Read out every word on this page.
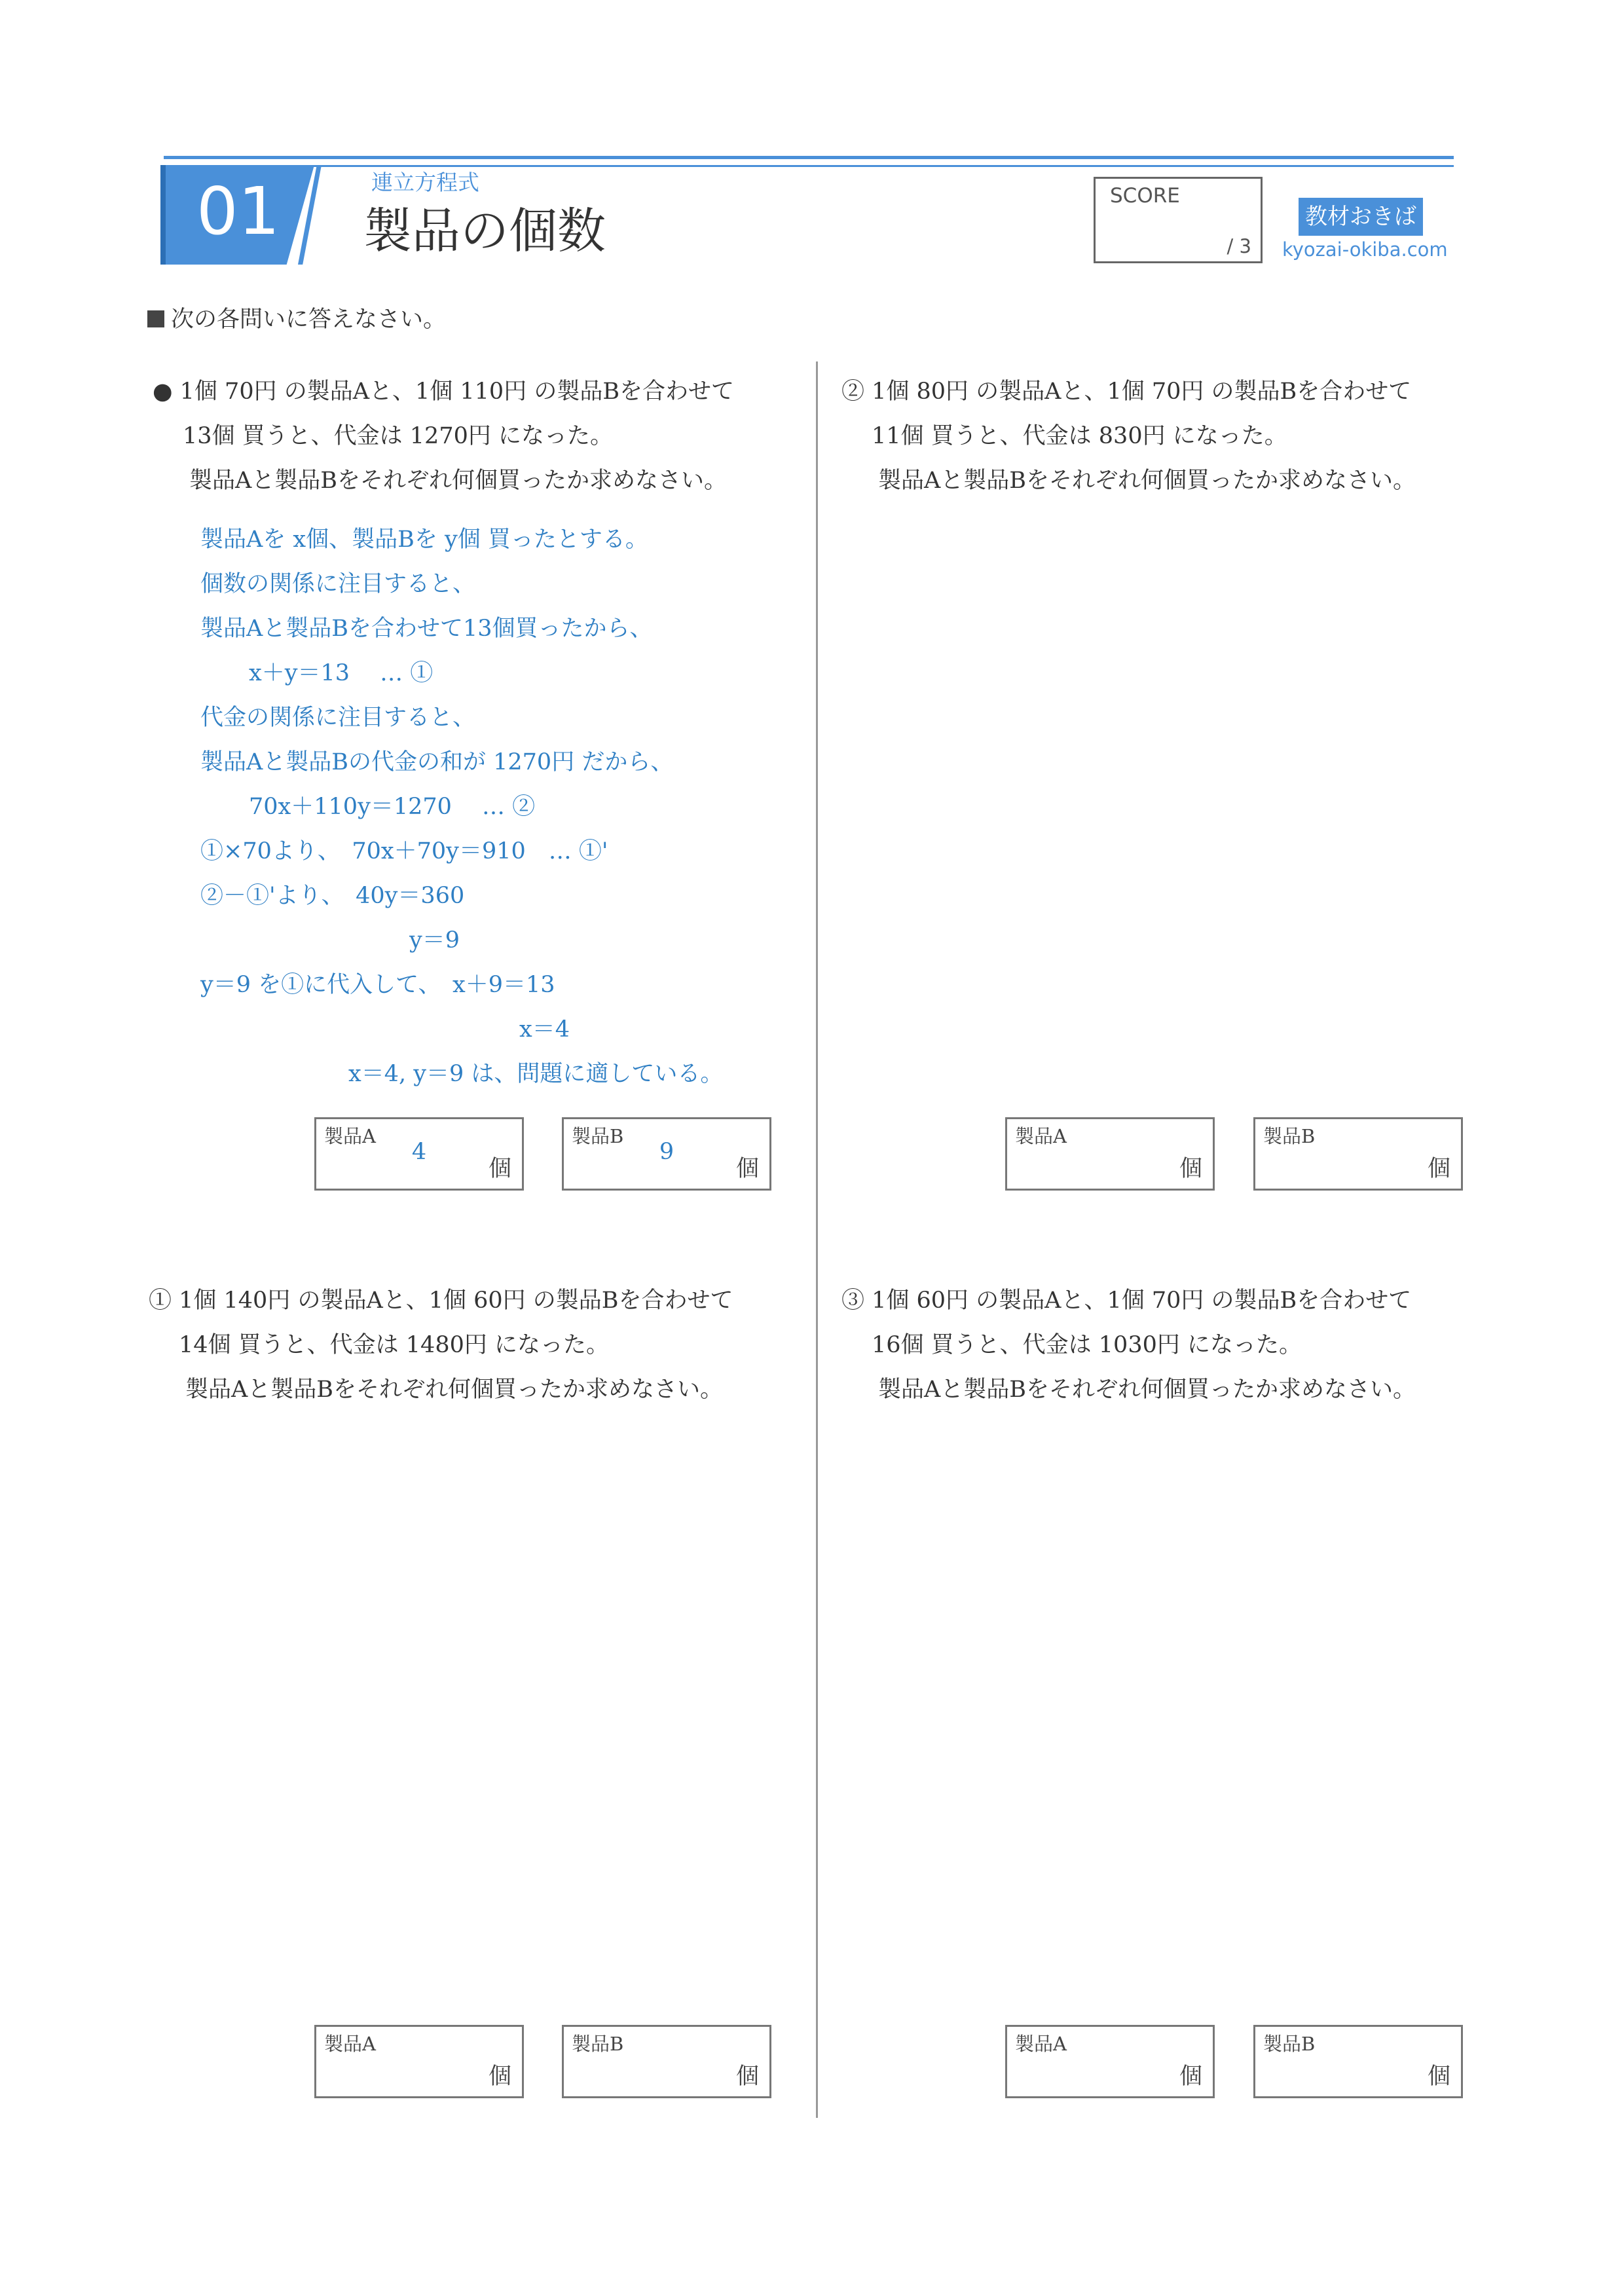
01	連立方程式
製品の個数
SCORE
/ 3
教材おきば
kyozai-okiba.com
次の各問いに答えなさい。
● 1個 70円 の製品Aと、1個 110円 の製品Bを合わせて
13個 買うと、代金は 1270円 になった。
製品Aと製品Bをそれぞれ何個買ったか求めなさい。
製品Aを x個、製品Bを y個 買ったとする。
個数の関係に注目すると、
製品Aと製品Bを合わせて13個買ったから、
x＋y＝13　 … ①
代金の関係に注目すると、
製品Aと製品Bの代金の和が 1270円 だから、
70x＋110y＝1270　 … ②
①×70より、　70x＋70y＝910　… ①'
②－①'より、　40y＝360
y＝9
y＝9 を①に代入して、　x＋9＝13
x＝4
x＝4, y＝9 は、問題に適している。
製品A
4
個
製品B
9
個
② 1個 80円 の製品Aと、1個 70円 の製品Bを合わせて
11個 買うと、代金は 830円 になった。
製品Aと製品Bをそれぞれ何個買ったか求めなさい。
製品A
個
製品B
個
① 1個 140円 の製品Aと、1個 60円 の製品Bを合わせて
14個 買うと、代金は 1480円 になった。
製品Aと製品Bをそれぞれ何個買ったか求めなさい。
製品A
個
製品B
個
③ 1個 60円 の製品Aと、1個 70円 の製品Bを合わせて
16個 買うと、代金は 1030円 になった。
製品Aと製品Bをそれぞれ何個買ったか求めなさい。
製品A
個
製品B
個
